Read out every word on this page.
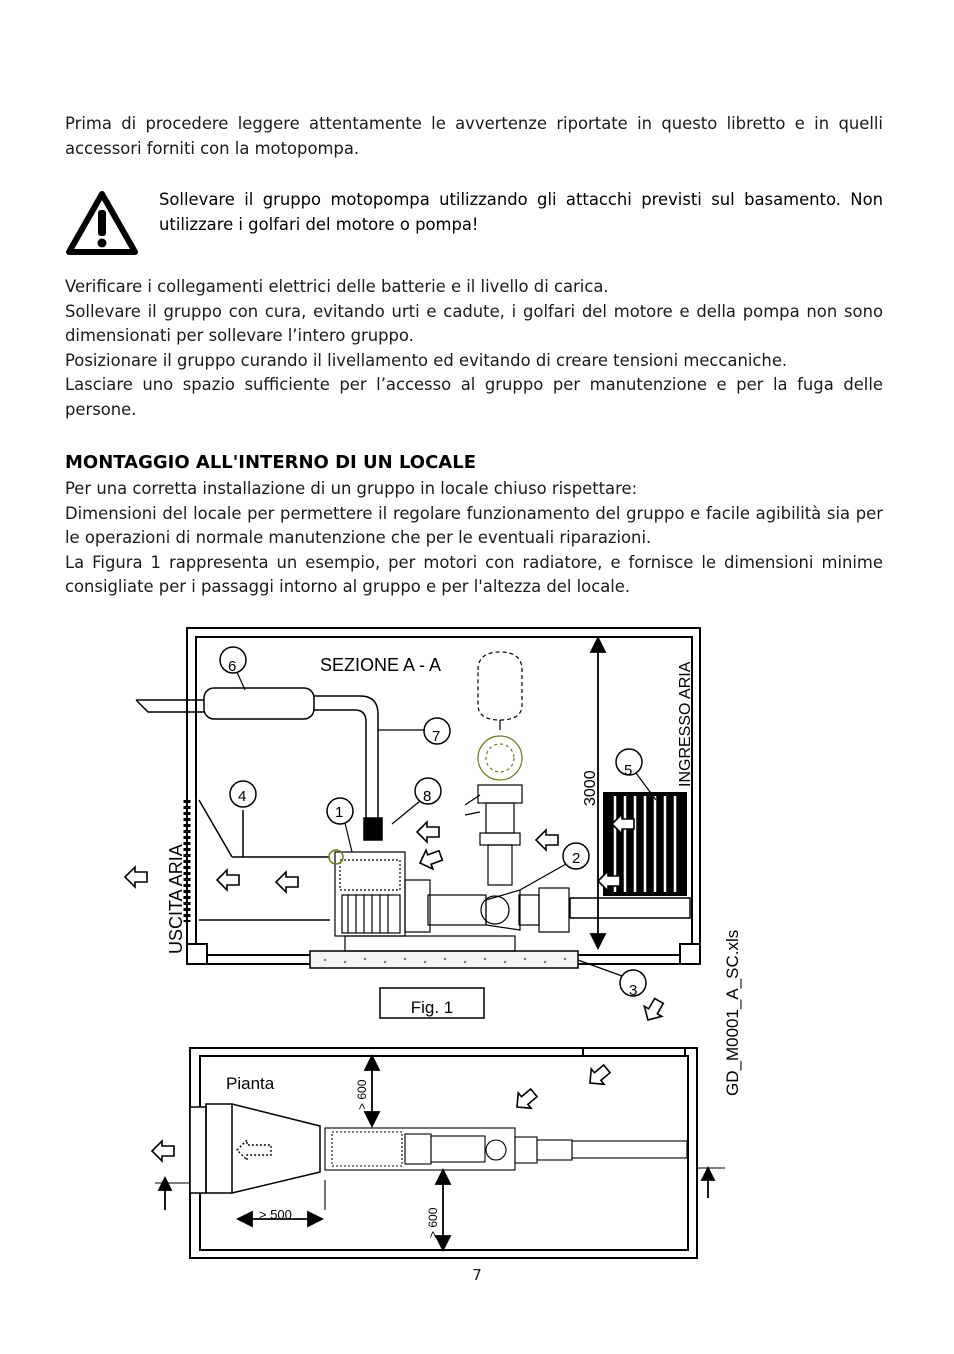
Prima di procedere leggere attentamente le avvertenze riportate in questo libretto e in quelli accessori forniti con la motopompa.

Sollevare il gruppo motopompa utilizzando gli attacchi previsti sul basamento. Non utilizzare i golfari del motore o pompa!

Verificare i collegamenti elettrici delle batterie e il livello di carica.

Sollevare il gruppo con cura, evitando urti e cadute, i golfari del motore e della pompa non sono dimensionati per sollevare l’intero gruppo.

Posizionare il gruppo curando il livellamento ed evitando di creare tensioni meccaniche.

Lasciare uno spazio sufficiente per l’accesso al gruppo per manutenzione e per la fuga delle persone.

MONTAGGIO ALL'INTERNO DI UN LOCALE

Per una corretta installazione di un gruppo in locale chiuso rispettare:

Dimensioni del locale per permettere il regolare funzionamento del gruppo e facile agibilità sia per le operazioni di normale manutenzione che per le eventuali riparazioni.

La Figura 1 rappresenta un esempio, per motori con radiatore, e fornisce le dimensioni minime consigliate per i passaggi intorno al gruppo e per l'altezza del locale.

3000
1
2
3
4
5
6
7
8
SEZIONE A - A	INGRESSO ARIA
USCITA ARIA
GD_M0001_A_SC.xls
Fig. 1
Pianta	> 600
> 600
> 500
7
